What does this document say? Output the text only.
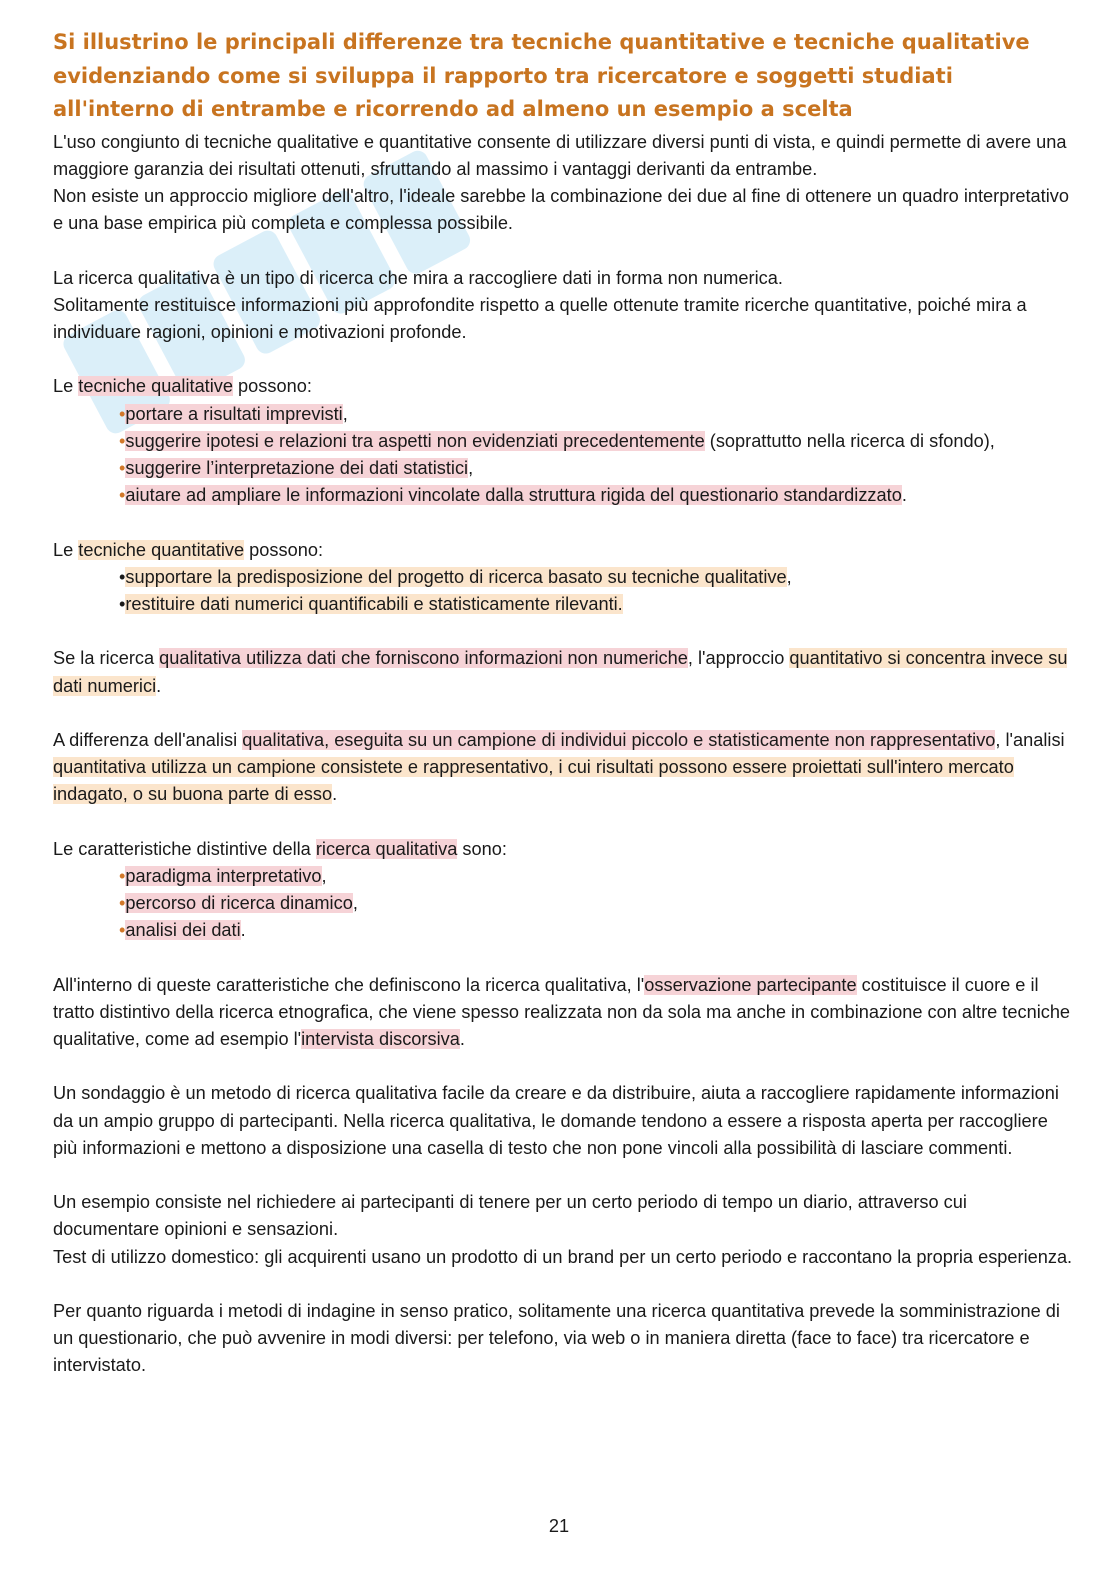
Si illustrino le principali differenze tra tecniche quantitative e tecniche qualitative evidenziando come si sviluppa il rapporto tra ricercatore e soggetti studiati all'interno di entrambe e ricorrendo ad almeno un esempio a scelta

L'uso congiunto di tecniche qualitative e quantitative consente di utilizzare diversi punti di vista, e quindi permette di avere una maggiore garanzia dei risultati ottenuti, sfruttando al massimo i vantaggi derivanti da entrambe.

Non esiste un approccio migliore dell'altro, l'ideale sarebbe la combinazione dei due al fine di ottenere un quadro interpretativo e una base empirica più completa e complessa possibile.

La ricerca qualitativa è un tipo di ricerca che mira a raccogliere dati in forma non numerica.

Solitamente restituisce informazioni più approfondite rispetto a quelle ottenute tramite ricerche quantitative, poiché mira a individuare ragioni, opinioni e motivazioni profonde.

Le tecniche qualitative possono:

•portare a risultati imprevisti,
•suggerire ipotesi e relazioni tra aspetti non evidenziati precedentemente (soprattutto nella ricerca di sfondo),
•suggerire l’interpretazione dei dati statistici,
•aiutare ad ampliare le informazioni vincolate dalla struttura rigida del questionario standardizzato.

Le tecniche quantitative possono:

•supportare la predisposizione del progetto di ricerca basato su tecniche qualitative,
•restituire dati numerici quantificabili e statisticamente rilevanti.

Se la ricerca qualitativa utilizza dati che forniscono informazioni non numeriche, l'approccio quantitativo si concentra invece su dati numerici.

A differenza dell'analisi qualitativa, eseguita su un campione di individui piccolo e statisticamente non rappresentativo, l'analisi quantitativa utilizza un campione consistete e rappresentativo, i cui risultati possono essere proiettati sull'intero mercato indagato, o su buona parte di esso.

Le caratteristiche distintive della ricerca qualitativa sono:

•paradigma interpretativo,
•percorso di ricerca dinamico,
•analisi dei dati.

All'interno di queste caratteristiche che definiscono la ricerca qualitativa, l'osservazione partecipante costituisce il cuore e il tratto distintivo della ricerca etnografica, che viene spesso realizzata non da sola ma anche in combinazione con altre tecniche qualitative, come ad esempio l'intervista discorsiva.

Un sondaggio è un metodo di ricerca qualitativa facile da creare e da distribuire, aiuta a raccogliere rapidamente informazioni da un ampio gruppo di partecipanti. Nella ricerca qualitativa, le domande tendono a essere a risposta aperta per raccogliere più informazioni e mettono a disposizione una casella di testo che non pone vincoli alla possibilità di lasciare commenti.

Un esempio consiste nel richiedere ai partecipanti di tenere per un certo periodo di tempo un diario, attraverso cui documentare opinioni e sensazioni.

Test di utilizzo domestico: gli acquirenti usano un prodotto di un brand per un certo periodo e raccontano la propria esperienza.

Per quanto riguarda i metodi di indagine in senso pratico, solitamente una ricerca quantitativa prevede la somministrazione di un questionario, che può avvenire in modi diversi: per telefono, via web o in maniera diretta (face to face) tra ricercatore e intervistato.

21
